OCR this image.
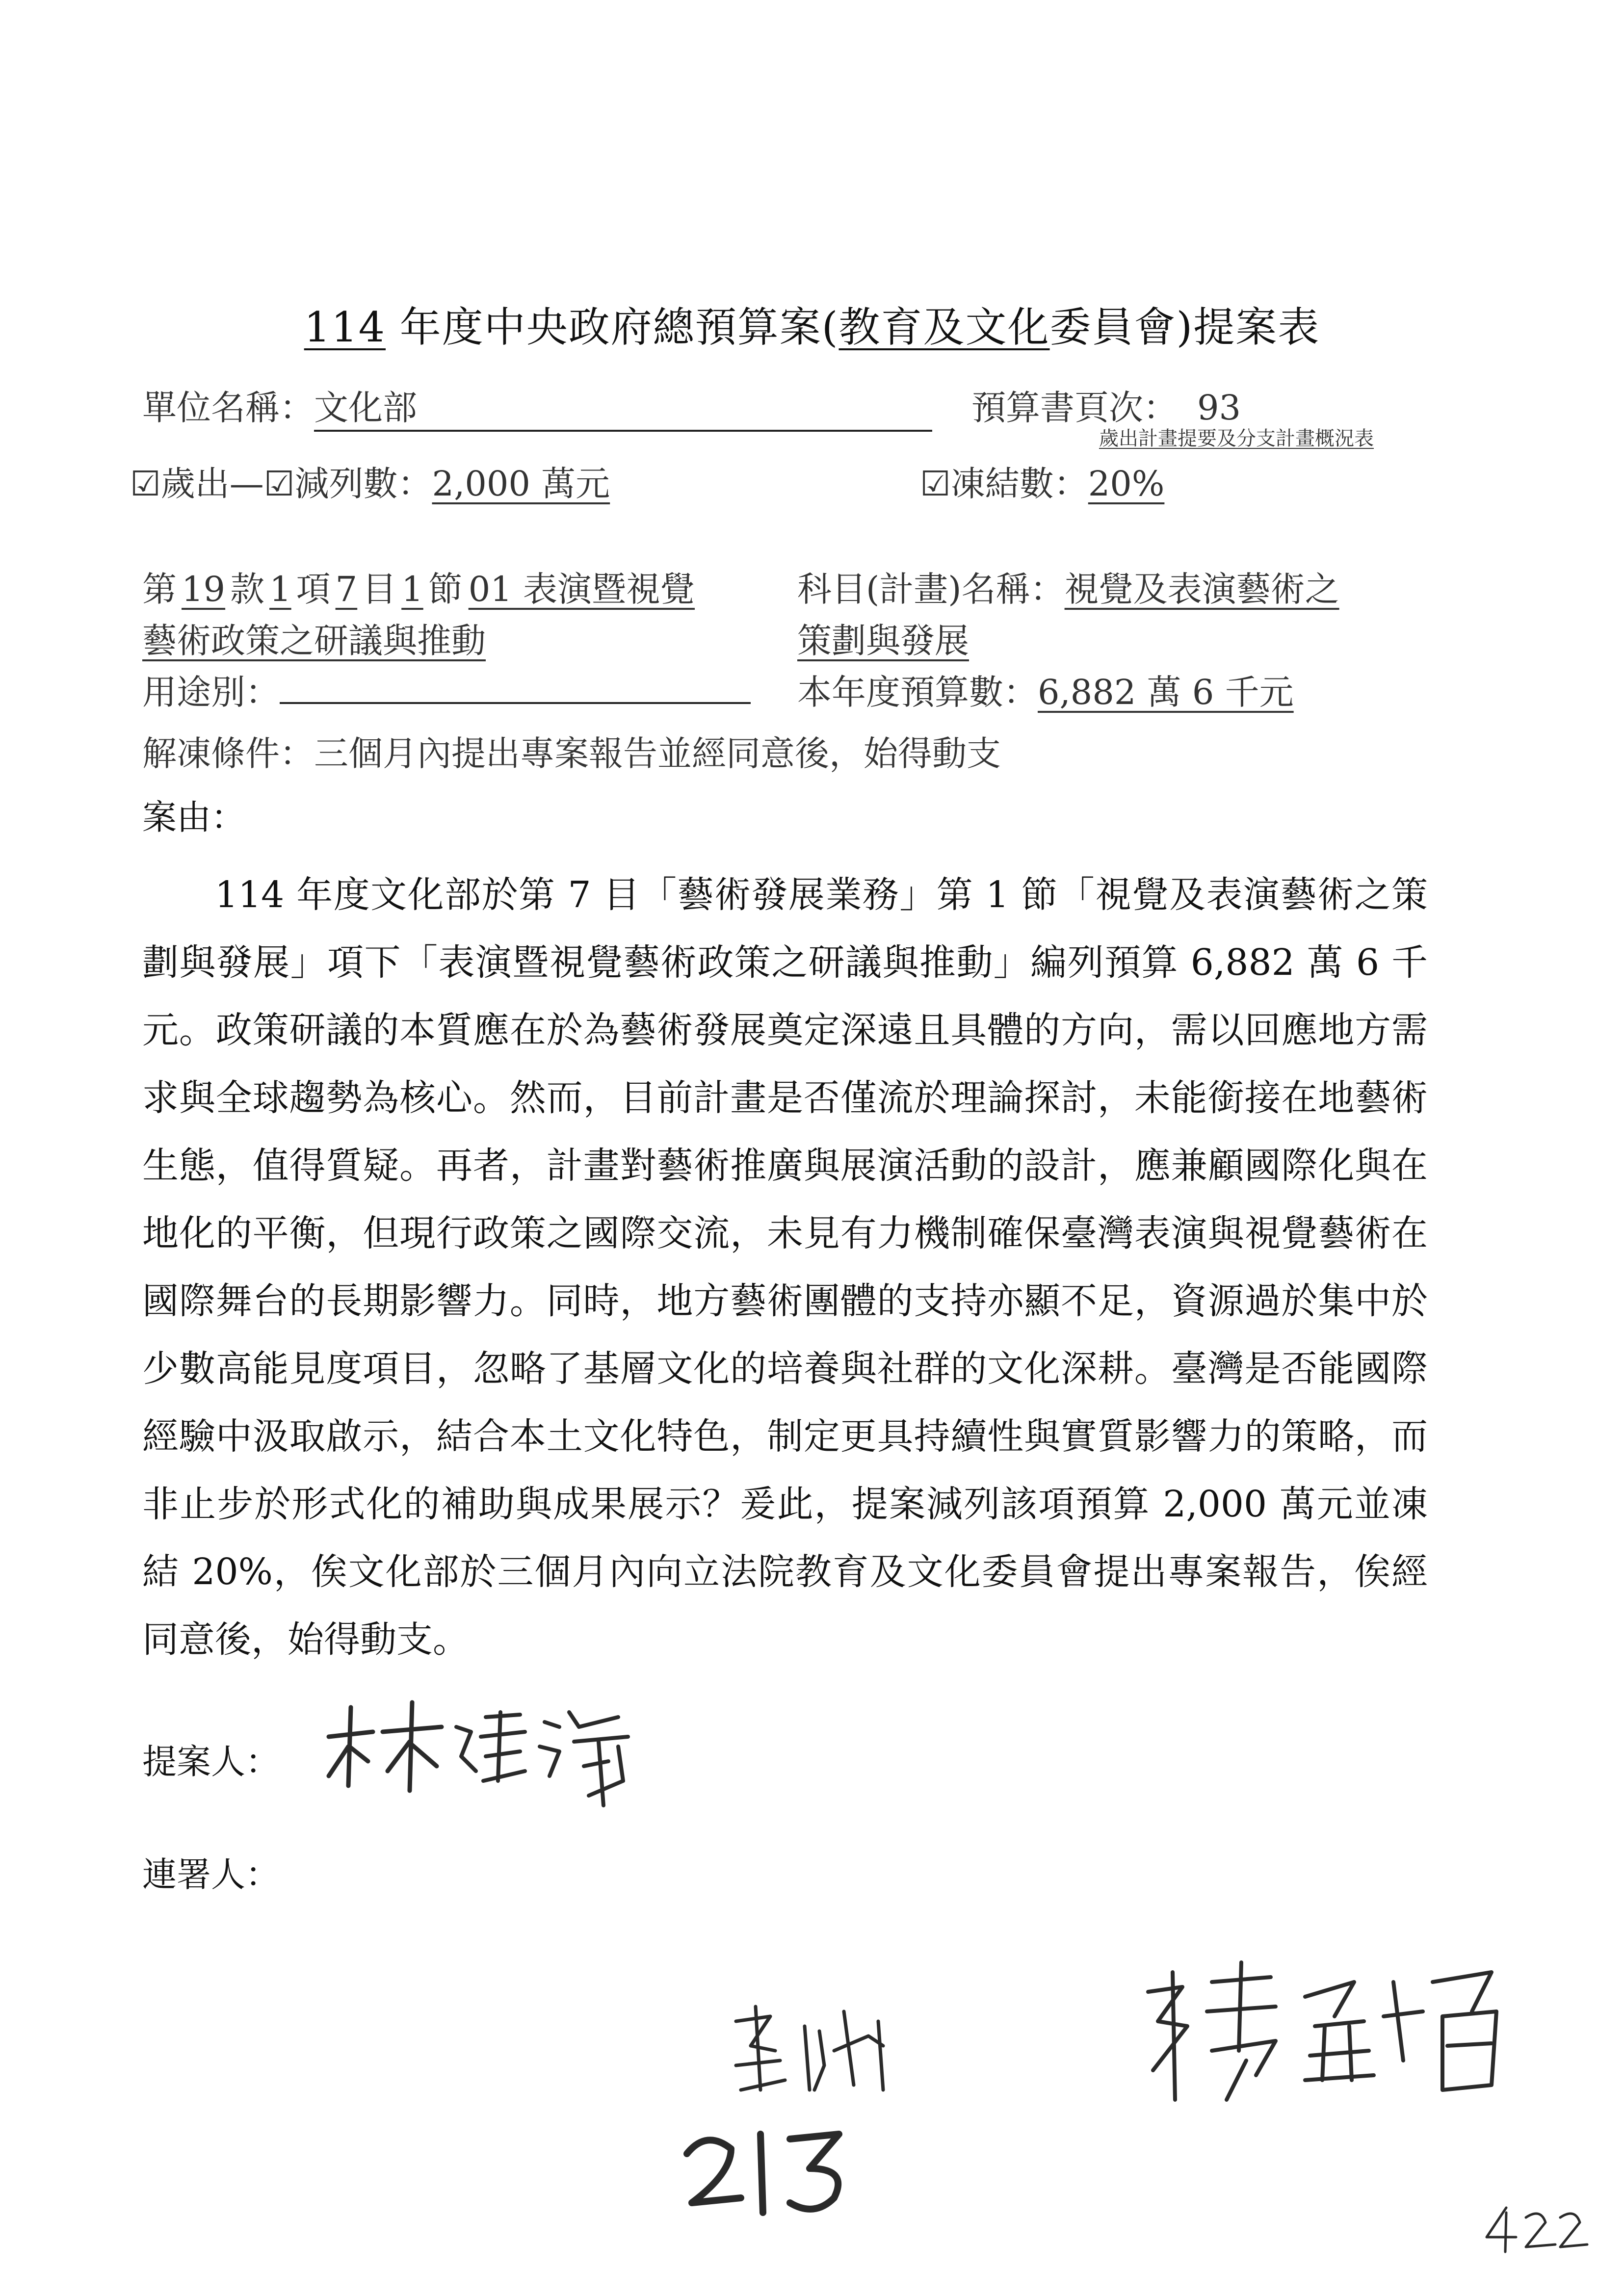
114 年度中央政府總預算案(教育及文化委員會)提案表
單位名稱：文化部	預算書頁次： 93
歲出計畫提要及分支計畫概況表
☑歲出—☑減列數：2,000 萬元	☑凍結數：20%
第 19 款 1 項 7 目 1 節 01 表演暨視覺
藝術政策之研議與推動
科目(計畫)名稱：視覺及表演藝術之
策劃與發展
用途別：	本年度預算數：6,882 萬 6 千元
解凍條件：三個月內提出專案報告並經同意後，始得動支
案由：
114 年度文化部於第 7 目「藝術發展業務」第 1 節「視覺及表演藝術之策劃與發展」項下「表演暨視覺藝術政策之研議與推動」編列預算 6,882 萬 6 千元。政策研議的本質應在於為藝術發展奠定深遠且具體的方向，需以回應地方需求與全球趨勢為核心。然而，目前計畫是否僅流於理論探討，未能銜接在地藝術生態，值得質疑。再者，計畫對藝術推廣與展演活動的設計，應兼顧國際化與在地化的平衡，但現行政策之國際交流，未見有力機制確保臺灣表演與視覺藝術在國際舞台的長期影響力。同時，地方藝術團體的支持亦顯不足，資源過於集中於少數高能見度項目，忽略了基層文化的培養與社群的文化深耕。臺灣是否能國際經驗中汲取啟示，結合本土文化特色，制定更具持續性與實質影響力的策略，而非止步於形式化的補助與成果展示？爰此，提案減列該項預算 2,000 萬元並凍結 20%，俟文化部於三個月內向立法院教育及文化委員會提出專案報告，俟經同意後，始得動支。
提案人：
連署人：
